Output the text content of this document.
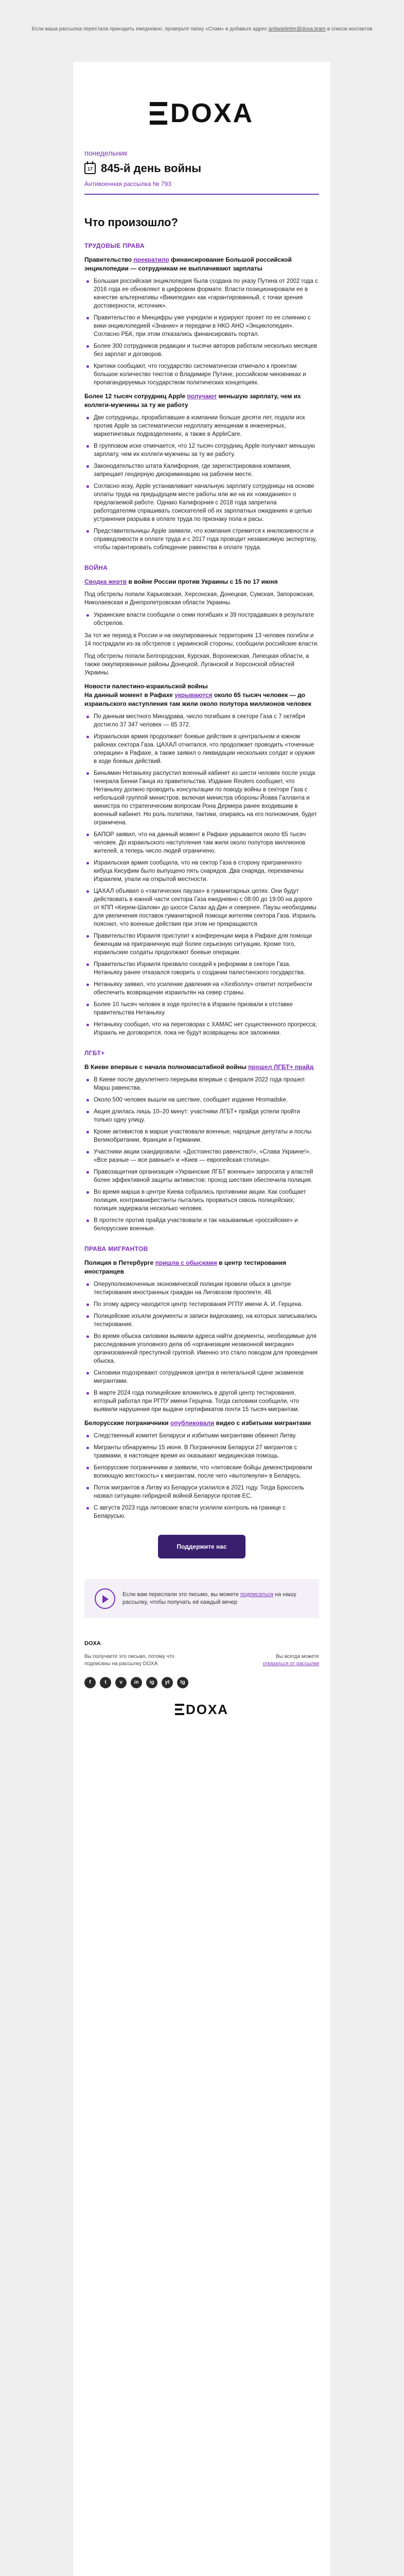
Если ваша рассылка перестала приходить ежедневно, проверьте папку «Спам» и добавьте адрес antiwarletter@doxa.team в список контактов
DOXA
понедельник
17 845-й день войны
Антивоенная рассылка № 793
Что произошло?
ТРУДОВЫЕ ПРАВА
Правительство прекратило финансирование Большой российской энциклопедии — сотрудникам не выплачивают зарплаты
Большая российская энциклопедия была создана по указу Путина от 2002 года с 2016 года ее обновляют в цифровом формате. Власти позиционировали ее в качестве альтернативы «Википедии» как «гарантированный, с точки зрения достоверности, источник».
Правительство и Минцифры уже учредили и курируют проект по ее слиянию с вики-энциклопедией «Знание» и передачи в НКО АНО «Энциклопедия». Согласно РБК, при этом отказались финансировать портал.
Более 300 сотрудников редакции и тысячи авторов работали несколько месяцев без зарплат и договоров.
Критики сообщают, что государство систематически отмечало к проектам большое количество текстов о Владимире Путине, российском чиновниках и пропагандируемых государством политических концепциях.
Более 12 тысяч сотрудниц Apple получают меньшую зарплату, чем их коллеги-мужчины за ту же работу
Две сотрудницы, проработавшие в компании больше десяти лет, подали иск против Apple за систематически недоплату женщинам в инженерных, маркетинговых подразделениях, а также в AppleCare.
В групповом иске отмечается, что 12 тысяч сотрудниц Apple получают меньшую зарплату, чем их коллеги-мужчины за ту же работу.
Законодательство штата Калифорния, где зарегистрирована компания, запрещает гендерную дискриминацию на рабочем месте.
Согласно иску, Apple устанавливает начальную зарплату сотрудницы на основе оплаты труда на предыдущем месте работы или же на их «ожиданиях» о предлагаемой работе. Однако Калифорния с 2018 года запретила работодателям спрашивать соискателей об их зарплатных ожиданиях и целью устранения разрыва в оплате труда по признаку пола и расы.
Представительницы Apple заявили, что компания стремится к инклюзивности и справедливости в оплате труда и с 2017 года проводит независимую экспертизу, чтобы гарантировать соблюдение равенства в оплате труда.
ВОЙНА
Сводка жертв в войне России против Украины с 15 по 17 июня
Под обстрелы попали Харьковская, Херсонская, Донецкая, Сумская, Запорожская, Николаевская и Днепропетровская области Украины.
Украинские власти сообщили о семи погибших и 39 пострадавших в результате обстрелов.
За тот же период в России и на оккупированных территориях 13 человек погибли и 14 пострадали из-за обстрелов с украинской стороны, сообщили российские власти.
Под обстрелы попали Белгородская, Курская, Воронежская, Липецкая области, а также оккупированные районы Донецкой, Луганской и Херсонской областей Украины.
Новости палестино-израильской войны
На данный момент в Рафахе укрываются около 65 тысяч человек — до израильского наступления там жили около полутора миллионов человек
По данным местного Минздрава, число погибших в секторе Газа с 7 октября достигло 37 347 человек — 85 372.
Израильская армия продолжает боевые действия в центральном и южном районах сектора Газа. ЦАХАЛ отчитался, что продолжает проводить «точечные операции» в Рафахе, а также заявил о ликвидации нескольких солдат и оружия в ходе боевых действий.
Биньямин Нетаньяху распустил военный кабинет из шести человек после ухода генерала Бенни Ганца из правительства. Издание Reuters сообщает, что Нетаньяху должно проводить консультации по поводу войны в секторе Газа с небольшой группой министров, включая министра обороны Йоава Галланта и министра по стратегическим вопросам Рона Дермера ранее входившим в военный кабинет. Но роль политики, тактики, опираясь на его полномочия, будет ограничена.
БАПОР заявил, что на данный момент в Рафахе укрываются около 65 тысяч человек. До израильского наступления там жили около полутора миллионов жителей, а теперь число людей ограничено.
Израильская армия сообщила, что на сектор Газа в сторону приграничного кибуца Кисуфим было выпущено пять снарядов. Два снаряда, перехвачены Израилем, упали на открытой местности.
ЦАХАЛ объявил о «тактических паузах» в гуманитарных целях. Они будут действовать в южной части сектора Газа ежедневно с 08:00 до 19:00 на дороге от КПП «Керем-Шалом» до шоссе Салах ад-Дин и севернее. Паузы необходимы для увеличения поставок гуманитарной помощи жителям сектора Газа. Израиль пояснил, что военные действия при этом не прекращаются.
Правительство Израиля приступит к конференции мира в Рафахе для помощи беженцам на приграничную ещё более серьезную ситуацию. Кроме того, израильские солдаты продолжают боевые операции.
Правительство Израиля призвало соседей к реформам в секторе Газа. Нетаньяху ранее отказался говорить о создании палестинского государства.
Нетаньяху заявил, что усиление давления на «Хезболлу» ответит потребности обеспечить возвращение израильтян на север страны.
Более 10 тысяч человек в ходе протеста в Израиле призвали к отставке правительства Нетаньяху.
Нетаньяху сообщил, что на переговорах с ХАМАС нет существенного прогресса; Израиль не договорится, пока не будут возвращены все заложники.
ЛГБТ+
В Киеве впервые с начала полномасштабной войны прошел ЛГБТ+ прайд
В Киеве после двухлетнего перерыва впервые с февраля 2022 года прошел Марш равенства.
Около 500 человек вышли на шествие, сообщает издание Hromadske.
Акция длилась лишь 10–20 минут: участники ЛГБТ+ прайда успели пройти только одну улицу.
Кроме активистов в марше участвовали военные, народные депутаты и послы Великобритании, Франции и Германии.
Участники акции скандировали: «Достоинство равенство!», «Слава Украине!», «Все разные — все равные!» и «Киев — европейская столица».
Правозащитная организация «Украинские ЛГБТ военные» запросила у властей более эффективной защиты активистов; проход шествия обеспечила полиция.
Во время марша в центре Киева собрались противники акции. Как сообщает полиция, контрманифестанты пытались прорваться сквозь полицейских; полиция задержала несколько человек.
В протесте против прайда участвовали и так называемые «российские» и белорусские военные.
ПРАВА МИГРАНТОВ
Полиция в Петербурге пришла с обысками в центр тестирования иностранцев
Оперуполномоченные экономической полиции провели обыск в центре тестирования иностранных граждан на Лиговском проспекте, 48.
По этому адресу находится центр тестирования РГПУ имени А. И. Герцена.
Полицейские изъяли документы и записи видеокамер, на которых записывались тестирования.
Во время обыска силовики выявили адреса найти документы, необходимые для расследования уголовного дела об «организации незаконной миграции» организованной преступной группой. Именно это стало поводом для проведения обыска.
Силовики подозревают сотрудников центра в нелегальной сдаче экзаменов мигрантами.
В марте 2024 года полицейские вломились в другой центр тестирования, который работал при РГПУ имени Герцена. Тогда силовики сообщили, что выявили нарушения при выдаче сертификатов почти 15 тысяч мигрантам.
Белорусские пограничники опубликовали видео с избитыми мигрантами
Следственный комитет Беларуси и избитыми мигрантами обвинил Литву.
Мигранты обнаружены 15 июня. В Пограничном Беларуси 27 мигрантов с травмами, в настоящее время их оказывают медицинская помощь.
Белорусские пограничники и заявили, что «литовские бойцы демонстрировали вопиющую жестокость» к мигрантам, после чего «вытолкнули» в Беларусь.
Поток мигрантов в Литву из Беларуси усилился в 2021 году. Тогда Брюссель назвал ситуацию гибридной войной Беларуси против ЕС.
С августа 2023 года литовские власти усилили контроль на границе с Беларусью.
Поддержите нас
Если вам переслали это письмо, вы можете подписаться на нашу рассылку, чтобы получать её каждый вечер
DOXA
Вы получаете это письмо, потому что подписаны на рассылку DOXA
Вы всегда можете
отказаться от рассылки
f	t	v	in	ig	yt	tg
DOXA
